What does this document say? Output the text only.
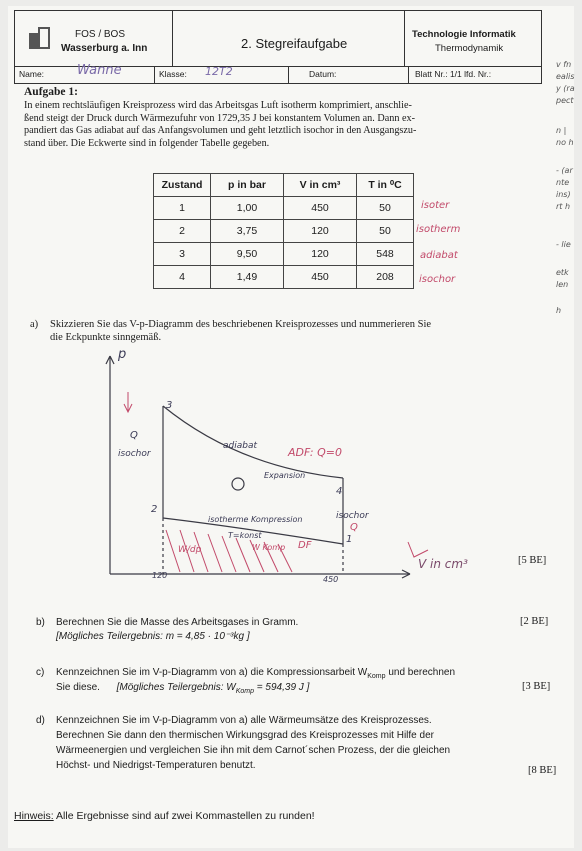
FOS / BOS
Wasserburg a. Inn	2. Stegreifaufgabe
Technologie Informatik
Thermodynamik
Name:	Wanne	Klasse: 12T2	Datum:	Blatt Nr.: 1/1 lfd. Nr.:
Aufgabe 1:

In einem rechtsläufigen Kreisprozess wird das Arbeitsgas Luft isotherm komprimiert, anschlie-

ßend steigt der Druck durch Wärmezufuhr von 1729,35 J bei konstantem Volumen an. Dann ex-

pandiert das Gas adiabat auf das Anfangsvolumen und geht letztlich isochor in den Ausgangszu-

stand über. Die Eckwerte sind in folgender Tabelle gegeben.

Zustand	p in bar	V in cm³	T in ⁰C
1	1,00	450	50
2	3,75	120	50
3	9,50	120	548
4	1,49	450	208
isoter
isotherm
adiabat
isochor
a) Skizzieren Sie das V-p-Diagramm des beschriebenen Kreisprozesses und nummerieren Sie
die Eckpunkte sinngemäß.
p
V in cm³
120	450
3
2
4
1
Q
isochor
adiabat	ADF: Q=0
Expansion
isochor
Q
isotherme Kompression
T=konst
W Komp DF
W/dp
[5 BE]
b) Berechnen Sie die Masse des Arbeitsgases in Gramm.
[Mögliches Teilergebnis: m = 4,85 · 10⁻³kg ]
[2 BE]
c) Kennzeichnen Sie im V-p-Diagramm von a) die Kompressionsarbeit $W_{Komp}$ und berechnen
Sie diese. [Mögliches Teilergebnis: $W_{Komp} = 594,39$ J ]	[3 BE]
d) Kennzeichnen Sie im V-p-Diagramm von a) alle Wärmeumsätze des Kreisprozesses.
Berechnen Sie dann den thermischen Wirkungsgrad des Kreisprozesses mit Hilfe der
Wärmeenergien und vergleichen Sie ihn mit dem Carnot´schen Prozess, der die gleichen
Höchst- und Niedrigst-Temperaturen benutzt.	[8 BE]
Hinweis: Alle Ergebnisse sind auf zwei Kommastellen zu runden!
v fn
ealis
y (ra
pect
n |
no h
- (ar
nte
ins)
rt h
- lie
etk
len
h
